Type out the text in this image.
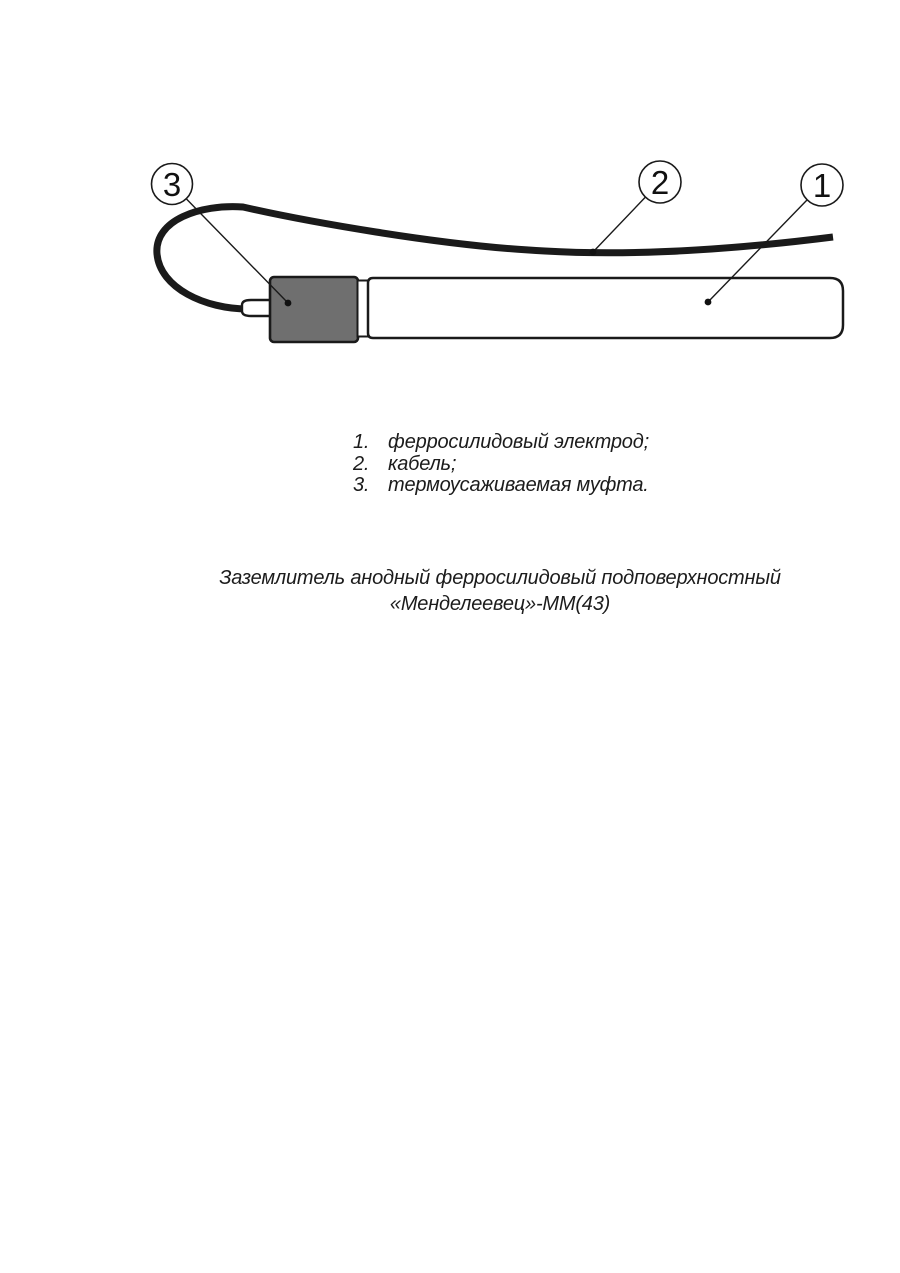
3	2	1
1. ферросилидовый электрод;
2. кабель;
3. термоусаживаемая муфта.
Заземлитель анодный ферросилидовый подповерхностный
«Менделеевец»-ММ(43)
